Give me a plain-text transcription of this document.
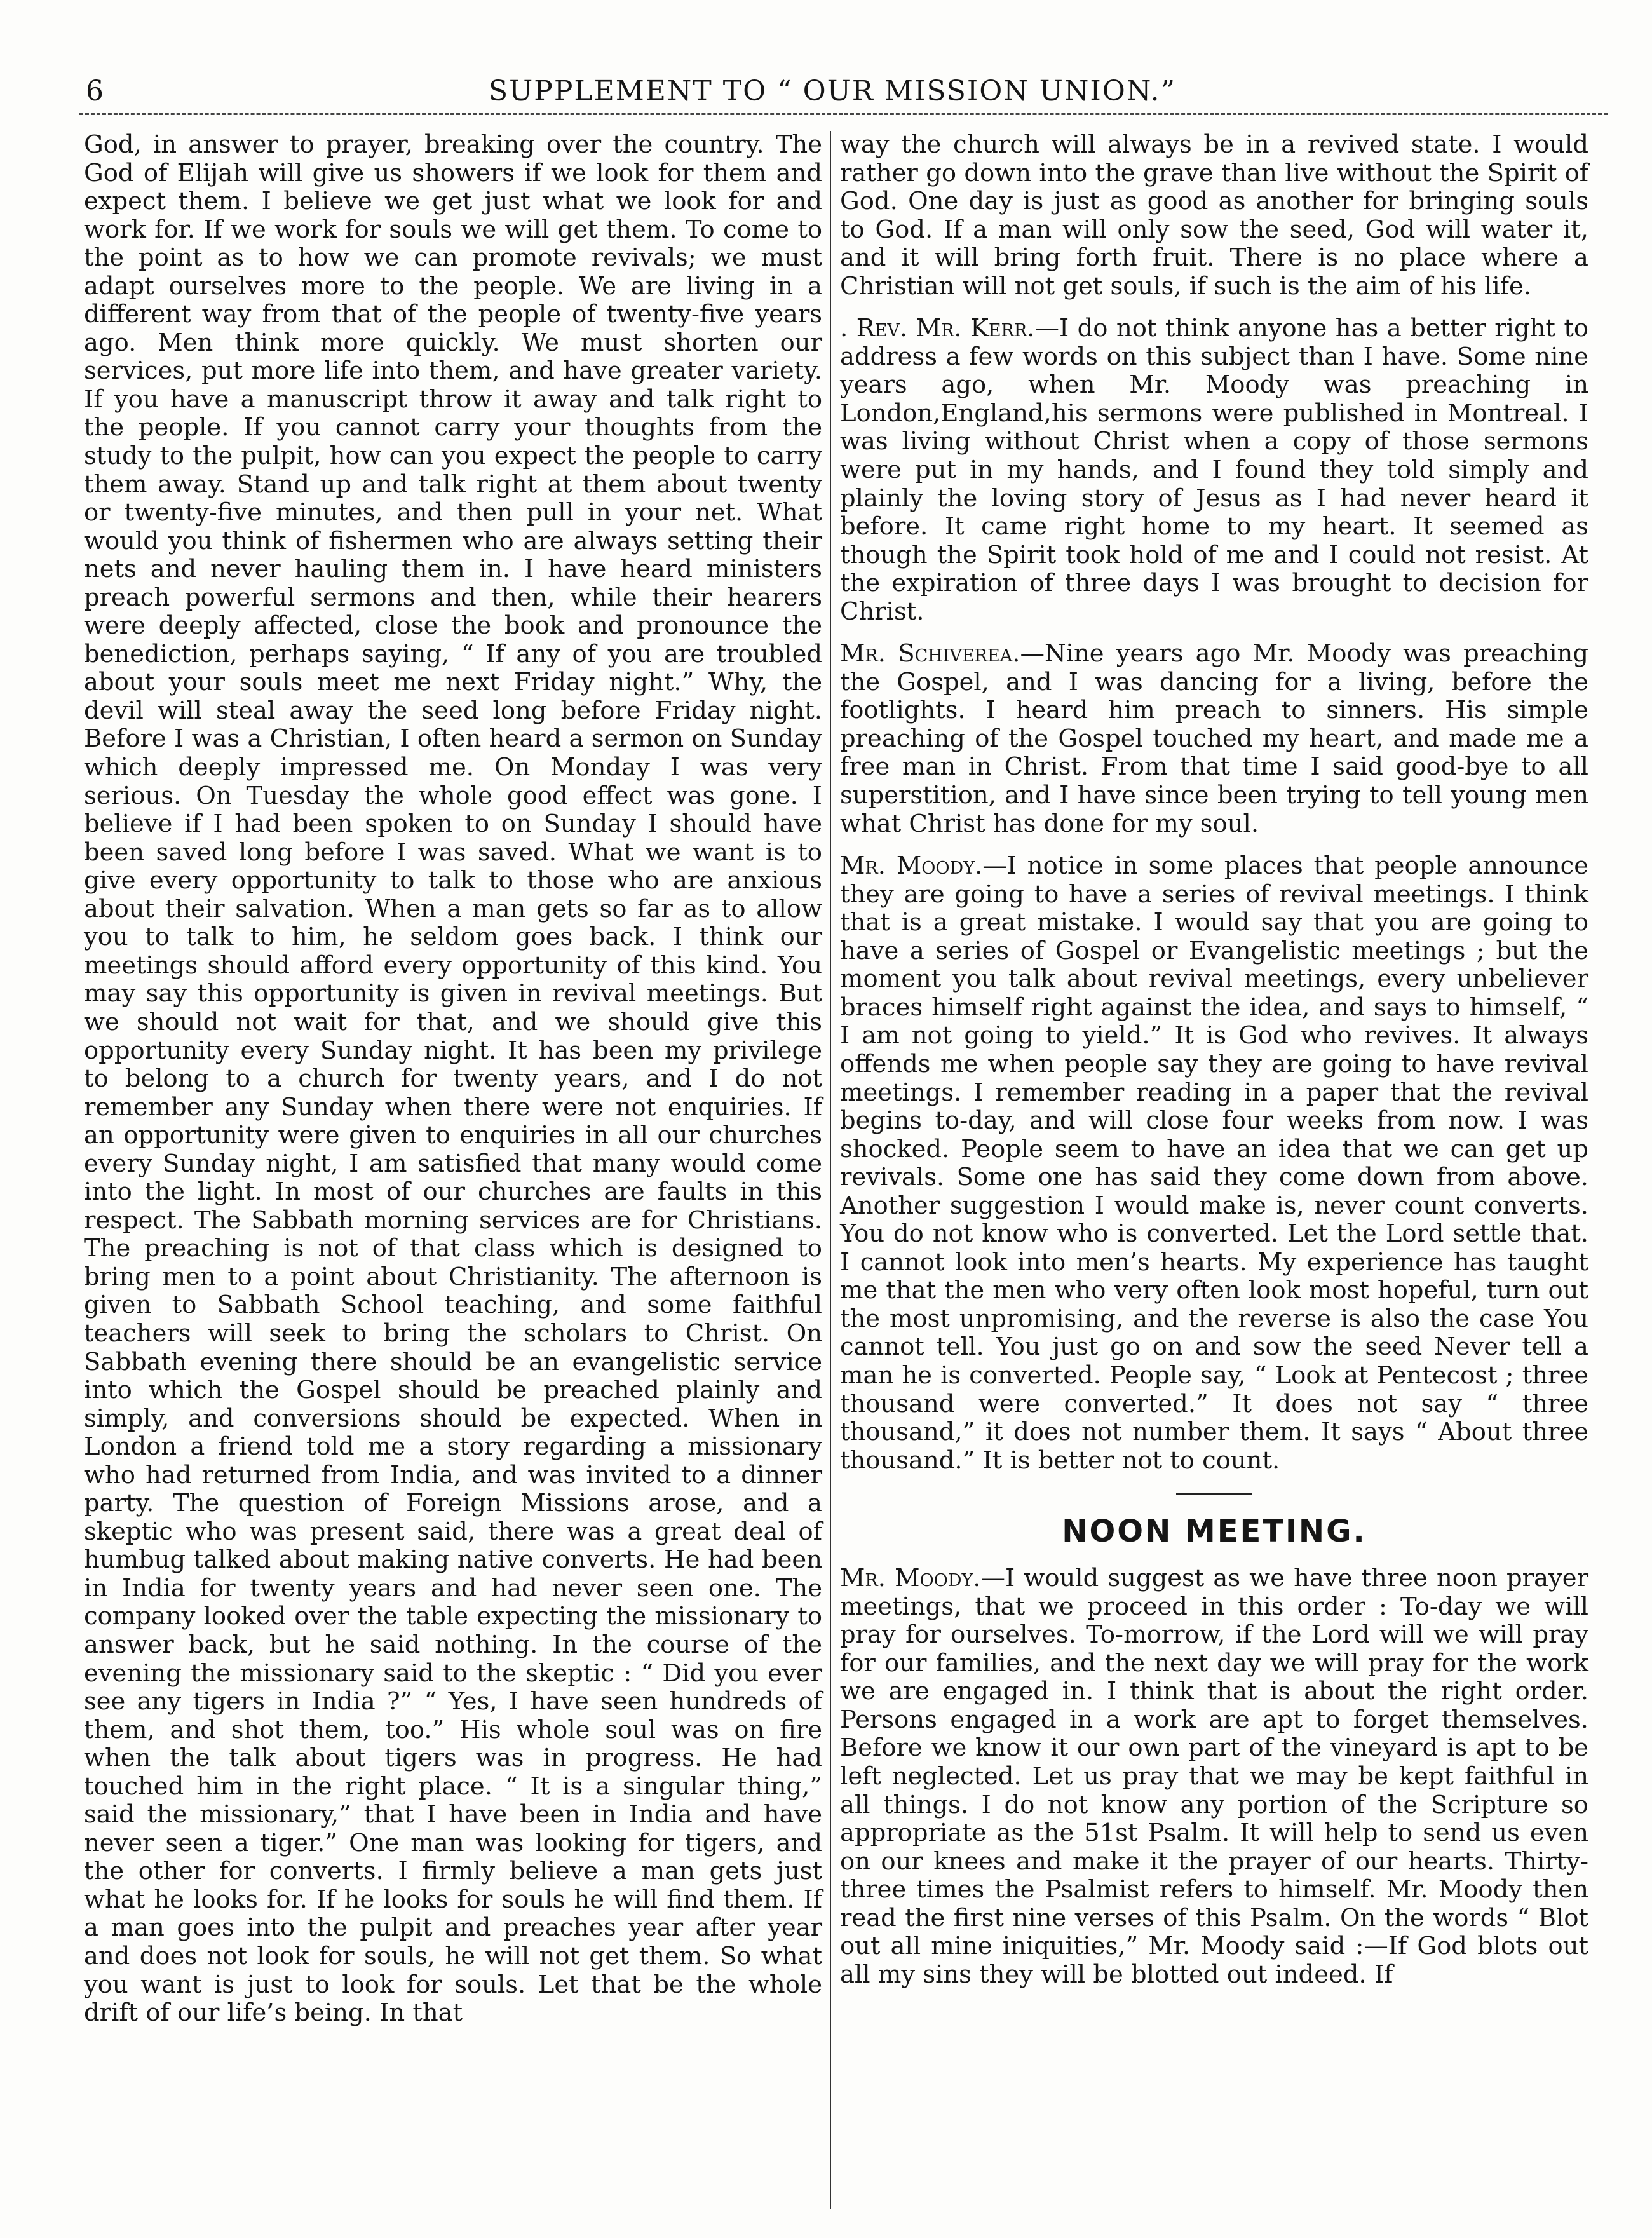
6	SUPPLEMENT TO “ OUR MISSION UNION.”

God, in answer to prayer, breaking over the country. The God of Elijah will give us showers if we look for them and expect them. I believe we get just what we look for and work for. If we work for souls we will get them. To come to the point as to how we can promote revivals; we must adapt ourselves more to the people. We are living in a different way from that of the people of twenty-five years ago. Men think more quickly. We must shorten our services, put more life into them, and have greater variety. If you have a manuscript throw it away and talk right to the people. If you cannot carry your thoughts from the study to the pulpit, how can you expect the people to carry them away. Stand up and talk right at them about twenty or twenty-five minutes, and then pull in your net. What would you think of fishermen who are always setting their nets and never hauling them in. I have heard ministers preach powerful sermons and then, while their hearers were deeply affected, close the book and pronounce the benediction, perhaps saying, “ If any of you are troubled about your souls meet me next Friday night.” Why, the devil will steal away the seed long before Friday night. Before I was a Christian, I often heard a sermon on Sunday which deeply impressed me. On Monday I was very serious. On Tuesday the whole good effect was gone. I believe if I had been spoken to on Sunday I should have been saved long before I was saved. What we want is to give every opportunity to talk to those who are anxious about their salvation. When a man gets so far as to allow you to talk to him, he seldom goes back. I think our meetings should afford every opportunity of this kind. You may say this opportunity is given in revival meetings. But we should not wait for that, and we should give this opportunity every Sunday night. It has been my privilege to belong to a church for twenty years, and I do not remember any Sunday when there were not enquiries. If an opportunity were given to enquiries in all our churches every Sunday night, I am satisfied that many would come into the light. In most of our churches are faults in this respect. The Sabbath morning services are for Christians. The preaching is not of that class which is designed to bring men to a point about Christianity. The afternoon is given to Sabbath School teaching, and some faithful teachers will seek to bring the scholars to Christ. On Sabbath evening there should be an evangelistic service into which the Gospel should be preached plainly and simply, and conversions should be expected. When in London a friend told me a story regarding a missionary who had returned from India, and was invited to a dinner party. The question of Foreign Missions arose, and a skeptic who was present said, there was a great deal of humbug talked about making native converts. He had been in India for twenty years and had never seen one. The company looked over the table expecting the missionary to answer back, but he said nothing. In the course of the evening the missionary said to the skeptic : “ Did you ever see any tigers in India ?” “ Yes, I have seen hundreds of them, and shot them, too.” His whole soul was on fire when the talk about tigers was in progress. He had touched him in the right place. “ It is a singular thing,” said the missionary,” that I have been in India and have never seen a tiger.” One man was looking for tigers, and the other for converts. I firmly believe a man gets just what he looks for. If he looks for souls he will find them. If a man goes into the pulpit and preaches year after year and does not look for souls, he will not get them. So what you want is just to look for souls. Let that be the whole drift of our life’s being. In that

way the church will always be in a revived state. I would rather go down into the grave than live without the Spirit of God. One day is just as good as another for bringing souls to God. If a man will only sow the seed, God will water it, and it will bring forth fruit. There is no place where a Christian will not get souls, if such is the aim of his life.

. Rev. Mr. Kerr.—I do not think anyone has a better right to address a few words on this subject than I have. Some nine years ago, when Mr. Moody was preaching in London,England,his sermons were published in Montreal. I was living without Christ when a copy of those sermons were put in my hands, and I found they told simply and plainly the loving story of Jesus as I had never heard it before. It came right home to my heart. It seemed as though the Spirit took hold of me and I could not resist. At the expiration of three days I was brought to decision for Christ.

Mr. Schiverea.—Nine years ago Mr. Moody was preaching the Gospel, and I was dancing for a living, before the footlights. I heard him preach to sinners. His simple preaching of the Gospel touched my heart, and made me a free man in Christ. From that time I said good-bye to all superstition, and I have since been trying to tell young men what Christ has done for my soul.

Mr. Moody.—I notice in some places that people announce they are going to have a series of revival meetings. I think that is a great mistake. I would say that you are going to have a series of Gospel or Evangelistic meetings ; but the moment you talk about revival meetings, every unbeliever braces himself right against the idea, and says to himself, “ I am not going to yield.” It is God who revives. It always offends me when people say they are going to have revival meetings. I remember reading in a paper that the revival begins to-day, and will close four weeks from now. I was shocked. People seem to have an idea that we can get up revivals. Some one has said they come down from above. Another suggestion I would make is, never count converts. You do not know who is converted. Let the Lord settle that. I cannot look into men’s hearts. My experience has taught me that the men who very often look most hopeful, turn out the most unpromising, and the reverse is also the case You cannot tell. You just go on and sow the seed Never tell a man he is converted. People say, “ Look at Pentecost ; three thousand were converted.” It does not say “ three thousand,” it does not number them. It says “ About three thousand.” It is better not to count.

NOON MEETING.

Mr. Moody.—I would suggest as we have three noon prayer meetings, that we proceed in this order : To-day we will pray for ourselves. To-morrow, if the Lord will we will pray for our families, and the next day we will pray for the work we are engaged in. I think that is about the right order. Persons engaged in a work are apt to forget themselves. Before we know it our own part of the vineyard is apt to be left neglected. Let us pray that we may be kept faithful in all things. I do not know any portion of the Scripture so appropriate as the 51st Psalm. It will help to send us even on our knees and make it the prayer of our hearts. Thirty-three times the Psalmist refers to himself. Mr. Moody then read the first nine verses of this Psalm. On the words “ Blot out all mine iniquities,” Mr. Moody said :—If God blots out all my sins they will be blotted out indeed. If
